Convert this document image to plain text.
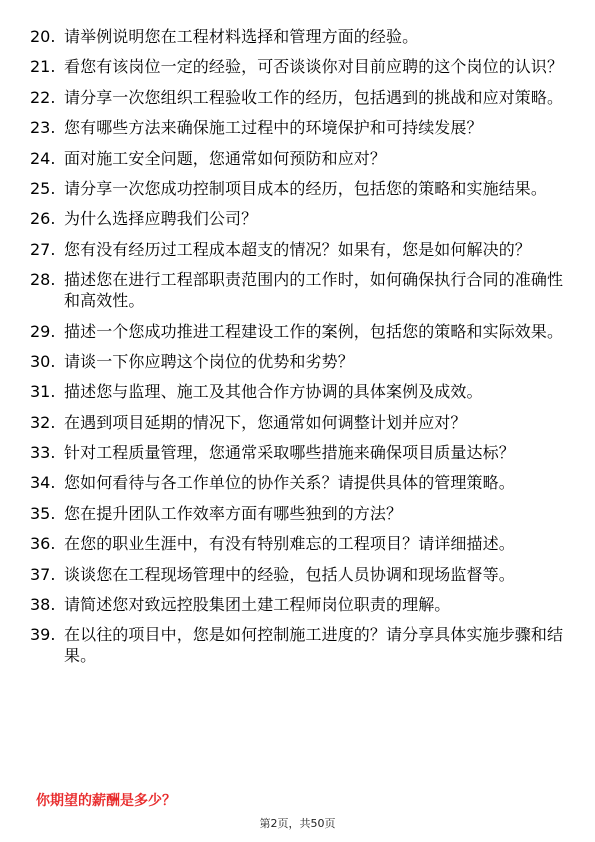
20. 请举例说明您在工程材料选择和管理方面的经验。
21. 看您有该岗位一定的经验，可否谈谈你对目前应聘的这个岗位的认识？
22. 请分享一次您组织工程验收工作的经历，包括遇到的挑战和应对策略。
23. 您有哪些方法来确保施工过程中的环境保护和可持续发展？
24. 面对施工安全问题，您通常如何预防和应对？
25. 请分享一次您成功控制项目成本的经历，包括您的策略和实施结果。
26. 为什么选择应聘我们公司？
27. 您有没有经历过工程成本超支的情况？如果有，您是如何解决的？
28. 描述您在进行工程部职责范围内的工作时，如何确保执行合同的准确性和高效性。
29. 描述一个您成功推进工程建设工作的案例，包括您的策略和实际效果。
30. 请谈一下你应聘这个岗位的优势和劣势？
31. 描述您与监理、施工及其他合作方协调的具体案例及成效。
32. 在遇到项目延期的情况下，您通常如何调整计划并应对？
33. 针对工程质量管理，您通常采取哪些措施来确保项目质量达标？
34. 您如何看待与各工作单位的协作关系？请提供具体的管理策略。
35. 您在提升团队工作效率方面有哪些独到的方法？
36. 在您的职业生涯中，有没有特别难忘的工程项目？请详细描述。
37. 谈谈您在工程现场管理中的经验，包括人员协调和现场监督等。
38. 请简述您对致远控股集团土建工程师岗位职责的理解。
39. 在以往的项目中，您是如何控制施工进度的？请分享具体实施步骤和结果。

你期望的薪酬是多少？

第2页，共50页
